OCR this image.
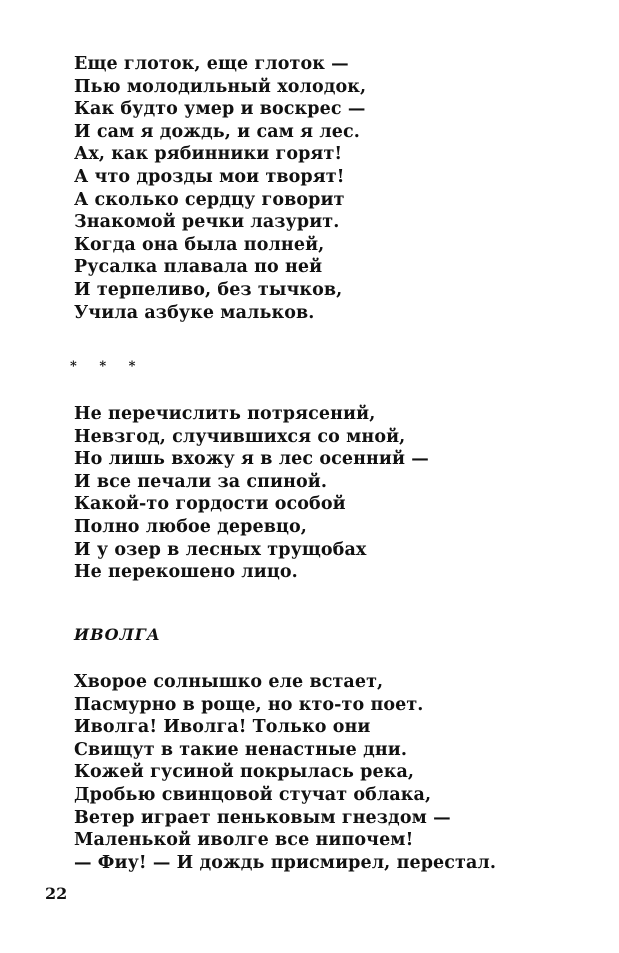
Еще глоток, еще глоток —
Пью молодильный холодок,
Как будто умер и воскрес —
И сам я дождь, и сам я лес.
Ах, как рябинники горят!
А что дрозды мои творят!
А сколько сердцу говорит
Знакомой речки лазурит.
Когда она была полней,
Русалка плавала по ней
И терпеливо, без тычков,
Учила азбуке мальков.
* * *
Не перечислить потрясений,
Невзгод, случившихся со мной,
Но лишь вхожу я в лес осенний —
И все печали за спиной.
Какой-то гордости особой
Полно любое деревцо,
И у озер в лесных трущобах
Не перекошено лицо.
ИВОЛГА
Хворое солнышко еле встает,
Пасмурно в роще, но кто-то поет.
Иволга! Иволга! Только они
Свищут в такие ненастные дни.
Кожей гусиной покрылась река,
Дробью свинцовой стучат облака,
Ветер играет пеньковым гнездом —
Маленькой иволге все нипочем!
— Фиу! — И дождь присмирел, перестал.
22
